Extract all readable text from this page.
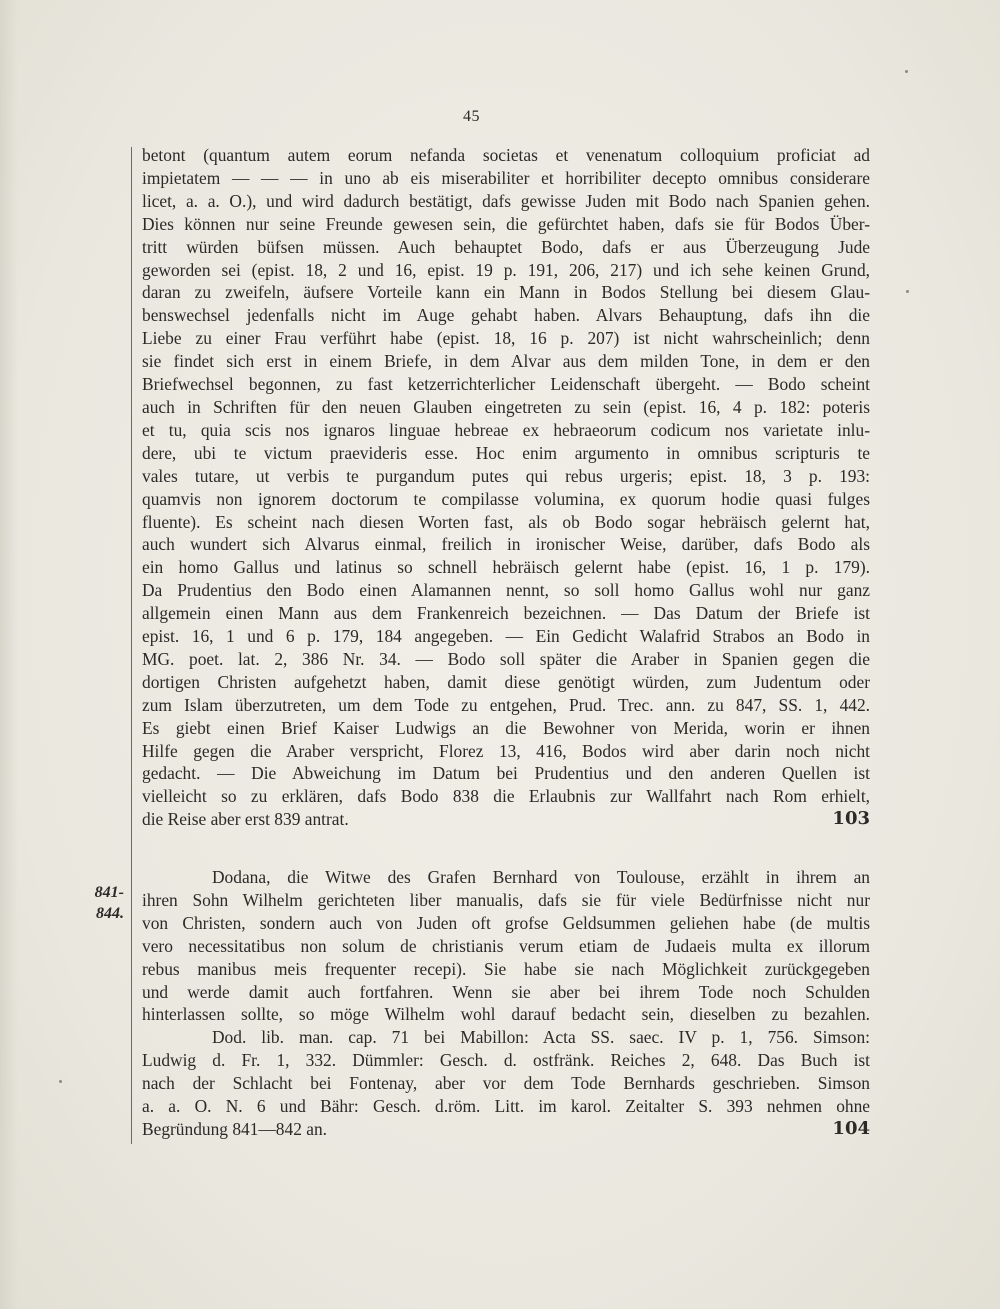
45

betont (quantum autem eorum nefanda societas et venenatum colloquium proficiat ad

impietatem — — — in uno ab eis miserabiliter et horribiliter decepto omnibus considerare

licet, a. a. O.), und wird dadurch bestätigt, dafs gewisse Juden mit Bodo nach Spanien gehen.

Dies können nur seine Freunde gewesen sein, die gefürchtet haben, dafs sie für Bodos Über-

tritt würden büfsen müssen. Auch behauptet Bodo, dafs er aus Überzeugung Jude

geworden sei (epist. 18, 2 und 16, epist. 19 p. 191, 206, 217) und ich sehe keinen Grund,

daran zu zweifeln, äufsere Vorteile kann ein Mann in Bodos Stellung bei diesem Glau-

benswechsel jedenfalls nicht im Auge gehabt haben. Alvars Behauptung, dafs ihn die

Liebe zu einer Frau verführt habe (epist. 18, 16 p. 207) ist nicht wahrscheinlich; denn

sie findet sich erst in einem Briefe, in dem Alvar aus dem milden Tone, in dem er den

Briefwechsel begonnen, zu fast ketzerrichterlicher Leidenschaft übergeht. — Bodo scheint

auch in Schriften für den neuen Glauben eingetreten zu sein (epist. 16, 4 p. 182: poteris

et tu, quia scis nos ignaros linguae hebreae ex hebraeorum codicum nos varietate inlu-

dere, ubi te victum praevideris esse. Hoc enim argumento in omnibus scripturis te

vales tutare, ut verbis te purgandum putes qui rebus urgeris; epist. 18, 3 p. 193:

quamvis non ignorem doctorum te compilasse volumina, ex quorum hodie quasi fulges

fluente). Es scheint nach diesen Worten fast, als ob Bodo sogar hebräisch gelernt hat,

auch wundert sich Alvarus einmal, freilich in ironischer Weise, darüber, dafs Bodo als

ein homo Gallus und latinus so schnell hebräisch gelernt habe (epist. 16, 1 p. 179).

Da Prudentius den Bodo einen Alamannen nennt, so soll homo Gallus wohl nur ganz

allgemein einen Mann aus dem Frankenreich bezeichnen. — Das Datum der Briefe ist

epist. 16, 1 und 6 p. 179, 184 angegeben. — Ein Gedicht Walafrid Strabos an Bodo in

MG. poet. lat. 2, 386 Nr. 34. — Bodo soll später die Araber in Spanien gegen die

dortigen Christen aufgehetzt haben, damit diese genötigt würden, zum Judentum oder

zum Islam überzutreten, um dem Tode zu entgehen, Prud. Trec. ann. zu 847, SS. 1, 442.

Es giebt einen Brief Kaiser Ludwigs an die Bewohner von Merida, worin er ihnen

Hilfe gegen die Araber verspricht, Florez 13, 416, Bodos wird aber darin noch nicht

gedacht. — Die Abweichung im Datum bei Prudentius und den anderen Quellen ist

vielleicht so zu erklären, dafs Bodo 838 die Erlaubnis zur Wallfahrt nach Rom erhielt,

die Reise aber erst 839 antrat.	103
841-844.

Dodana, die Witwe des Grafen Bernhard von Toulouse, erzählt in ihrem an

ihren Sohn Wilhelm gerichteten liber manualis, dafs sie für viele Bedürfnisse nicht nur

von Christen, sondern auch von Juden oft grofse Geldsummen geliehen habe (de multis

vero necessitatibus non solum de christianis verum etiam de Judaeis multa ex illorum

rebus manibus meis frequenter recepi). Sie habe sie nach Möglichkeit zurückgegeben

und werde damit auch fortfahren. Wenn sie aber bei ihrem Tode noch Schulden

hinterlassen sollte, so möge Wilhelm wohl darauf bedacht sein, dieselben zu bezahlen.

Dod. lib. man. cap. 71 bei Mabillon: Acta SS. saec. IV p. 1, 756. Simson:

Ludwig d. Fr. 1, 332. Dümmler: Gesch. d. ostfränk. Reiches 2, 648. Das Buch ist

nach der Schlacht bei Fontenay, aber vor dem Tode Bernhards geschrieben. Simson

a. a. O. N. 6 und Bähr: Gesch. d.röm. Litt. im karol. Zeitalter S. 393 nehmen ohne

Begründung 841—842 an.	104
